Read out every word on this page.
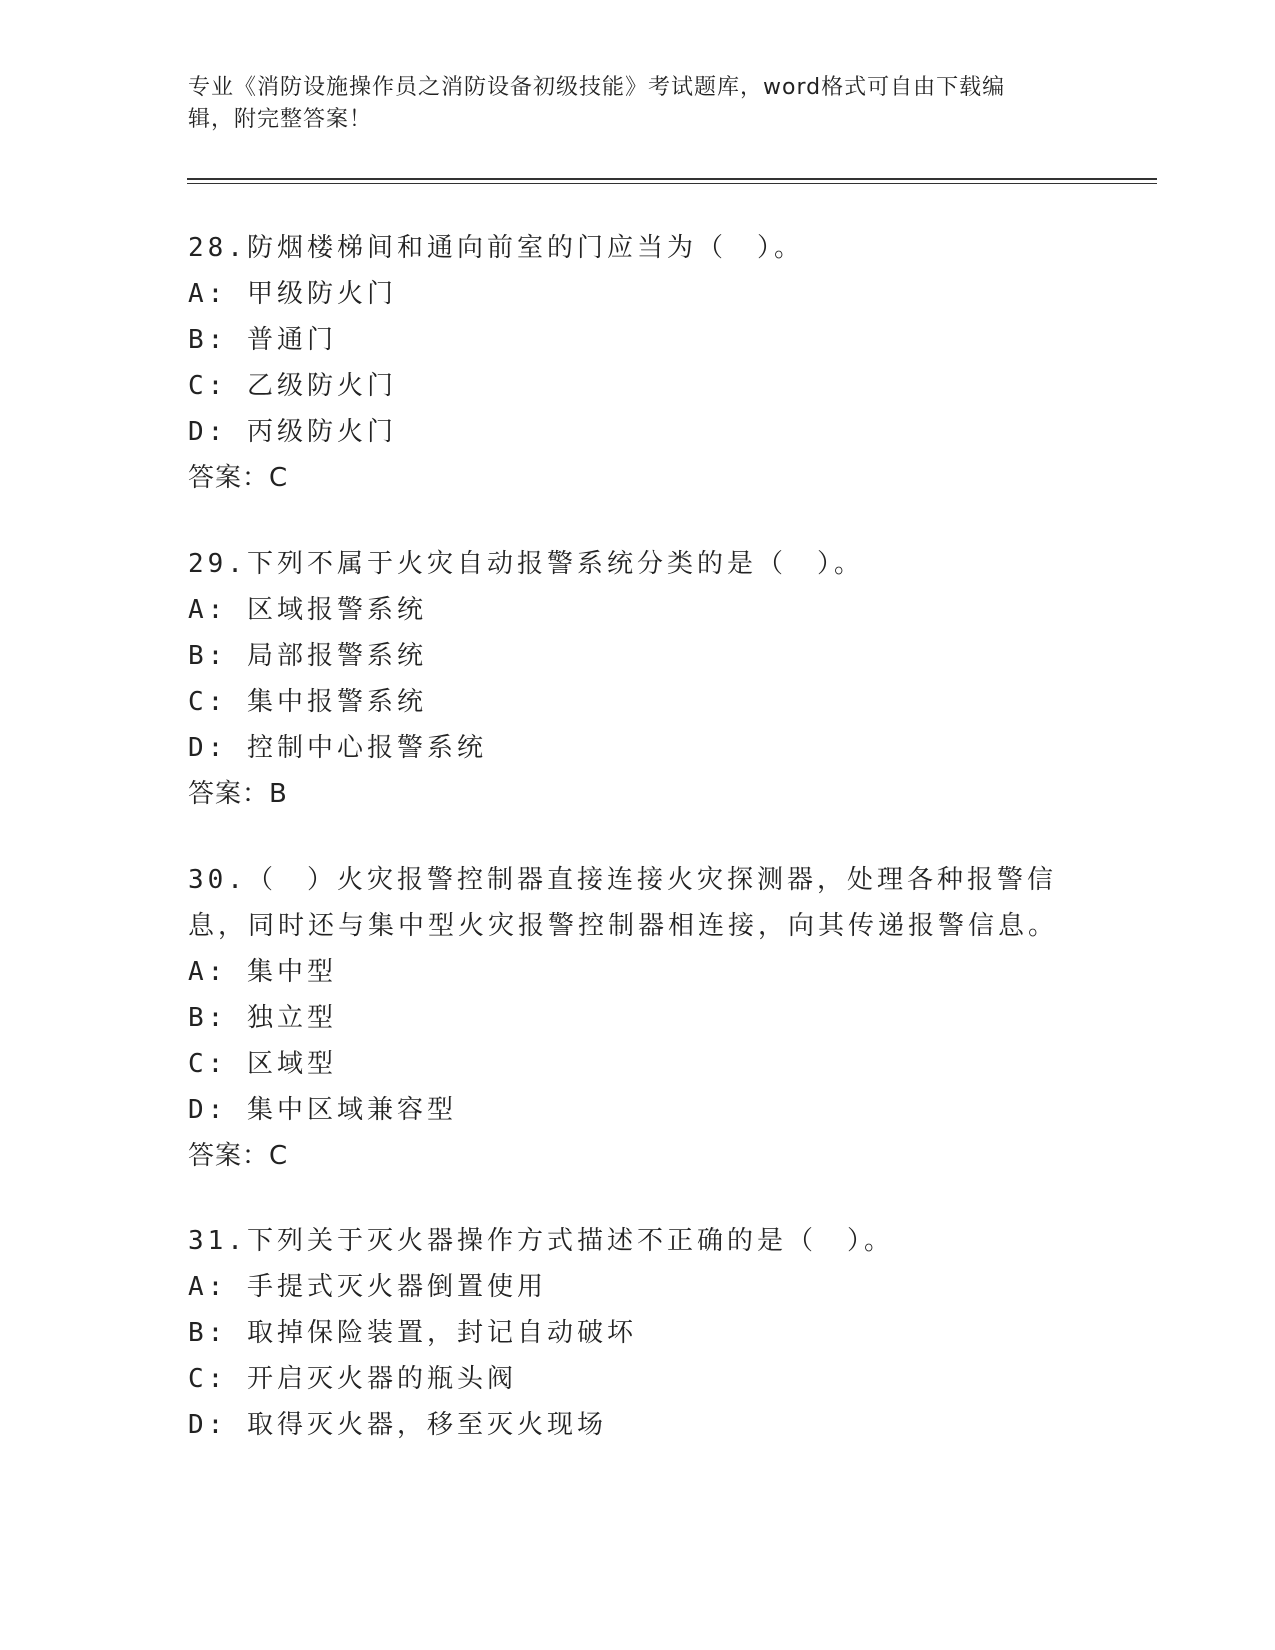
专业《消防设施操作员之消防设备初级技能》考试题库，word格式可自由下载编
辑，附完整答案！
28.防烟楼梯间和通向前室的门应当为（　）。
A: 甲级防火门
B: 普通门
C: 乙级防火门
D: 丙级防火门
答案：C
29.下列不属于火灾自动报警系统分类的是（　）。
A: 区域报警系统
B: 局部报警系统
C: 集中报警系统
D: 控制中心报警系统
答案：B
30.（　）火灾报警控制器直接连接火灾探测器，处理各种报警信息，同时还与集中型火灾报警控制器相连接，向其传递报警信息。
A: 集中型
B: 独立型
C: 区域型
D: 集中区域兼容型
答案：C
31.下列关于灭火器操作方式描述不正确的是（　）。
A: 手提式灭火器倒置使用
B: 取掉保险装置，封记自动破坏
C: 开启灭火器的瓶头阀
D: 取得灭火器，移至灭火现场
